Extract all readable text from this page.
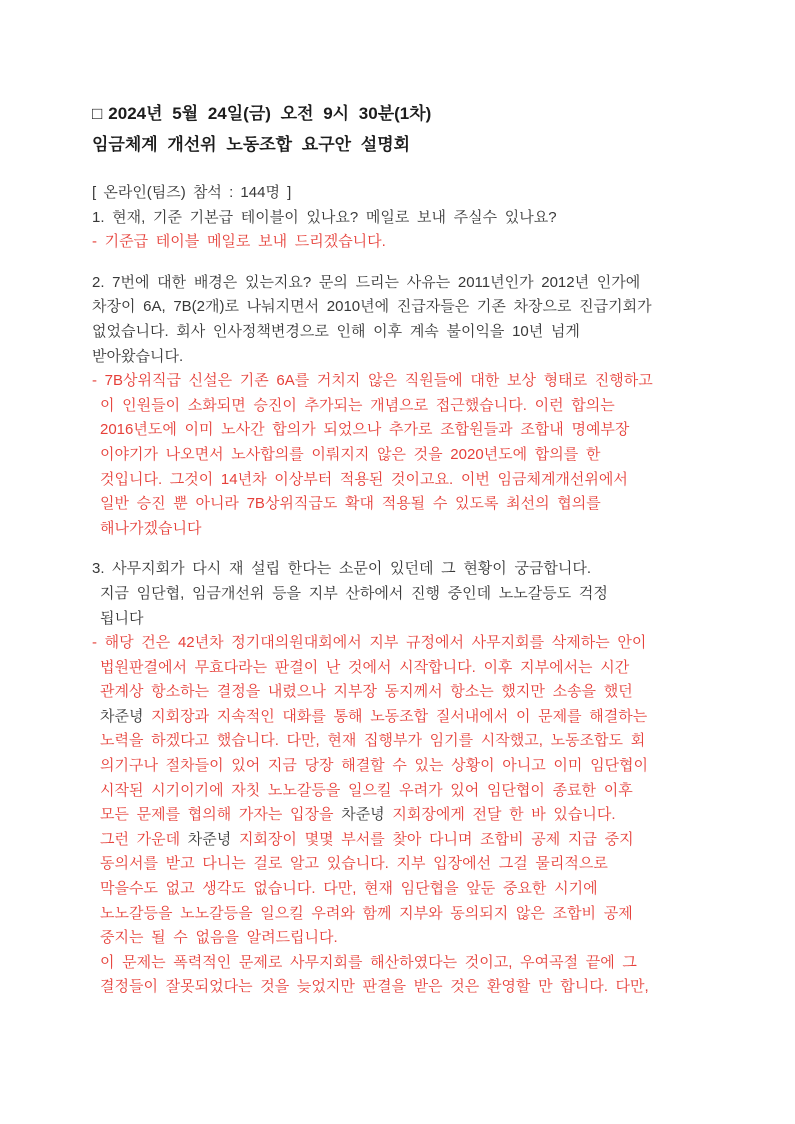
□ 2024년 5월 24일(금) 오전 9시 30분(1차)
임금체계 개선위 노동조합 요구안 설명회
[ 온라인(팀즈) 참석 : 144명 ]
1. 현재, 기준 기본급 테이블이 있나요? 메일로 보내 주실수 있나요?
- 기준급 테이블 메일로 보내 드리겠습니다.
2. 7번에 대한 배경은 있는지요? 문의 드리는 사유는 2011년인가 2012년 인가에
차장이 6A, 7B(2개)로 나눠지면서 2010년에 진급자들은 기존 차장으로 진급기회가
없었습니다. 회사 인사정책변경으로 인해 이후 계속 불이익을 10년 넘게
받아왔습니다.
- 7B상위직급 신설은 기존 6A를 거치지 않은 직원들에 대한 보상 형태로 진행하고
이 인원들이 소화되면 승진이 추가되는 개념으로 접근했습니다. 이런 합의는
2016년도에 이미 노사간 합의가 되었으나 추가로 조합원들과 조합내 명예부장
이야기가 나오면서 노사합의를 이뤄지지 않은 것을 2020년도에 합의를 한
것입니다. 그것이 14년차 이상부터 적용된 것이고요. 이번 임금체계개선위에서
일반 승진 뿐 아니라 7B상위직급도 확대 적용될 수 있도록 최선의 협의를
해나가겠습니다
3. 사무지회가 다시 재 설립 한다는 소문이 있던데 그 현황이 궁금합니다.
지금 임단협, 임금개선위 등을 지부 산하에서 진행 중인데 노노갈등도 걱정
됩니다
- 해당 건은 42년차 정기대의원대회에서 지부 규정에서 사무지회를 삭제하는 안이
법원판결에서 무효다라는 판결이 난 것에서 시작합니다. 이후 지부에서는 시간
관계상 항소하는 결정을 내렸으나 지부장 동지께서 항소는 했지만 소송을 했던
차준녕 지회장과 지속적인 대화를 통해 노동조합 질서내에서 이 문제를 해결하는
노력을 하겠다고 했습니다. 다만, 현재 집행부가 임기를 시작했고, 노동조합도 회
의기구나 절차들이 있어 지금 당장 해결할 수 있는 상황이 아니고 이미 임단협이
시작된 시기이기에 자칫 노노갈등을 일으킬 우려가 있어 임단협이 종료한 이후
모든 문제를 협의해 가자는 입장을 차준녕 지회장에게 전달 한 바 있습니다.
그런 가운데 차준녕 지회장이 몇몇 부서를 찾아 다니며 조합비 공제 지급 중지
동의서를 받고 다니는 걸로 알고 있습니다. 지부 입장에선 그걸 물리적으로
막을수도 없고 생각도 없습니다. 다만, 현재 임단협을 앞둔 중요한 시기에
노노갈등을 노노갈등을 일으킬 우려와 함께 지부와 동의되지 않은 조합비 공제
중지는 될 수 없음을 알려드립니다.
이 문제는 폭력적인 문제로 사무지회를 해산하였다는 것이고, 우여곡절 끝에 그
결정들이 잘못되었다는 것을 늦었지만 판결을 받은 것은 환영할 만 합니다. 다만,
